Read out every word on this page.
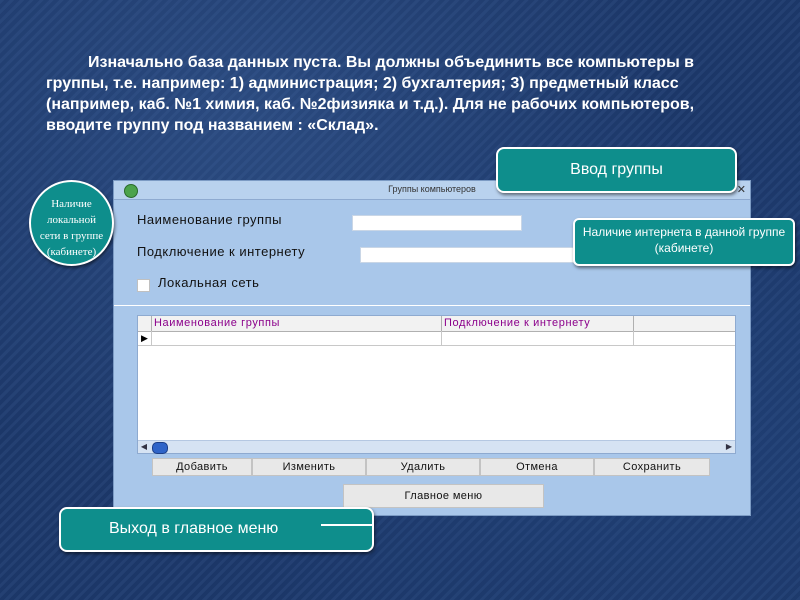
Изначально база данных пуста. Вы должны объединить все компьютеры в группы, т.е. например: 1) администрация; 2) бухгалтерия; 3) предметный класс (например, каб. №1 химия, каб. №2физияка и т.д.). Для не рабочих компьютеров, вводите группу под названием : «Склад».
Группы компьютеров	✕
Наименование группы
Подключение к интернету
Локальная сеть
Наименование группы	Подключение к интернету
▶
◀	▶
Добавить	Изменить	Удалить	Отмена	Сохранить
Главное меню
Ввод группы
Наличие интернета в данной группе (кабинете)
Наличие
локальной
сети в группе
(кабинете)
Выход в главное меню
